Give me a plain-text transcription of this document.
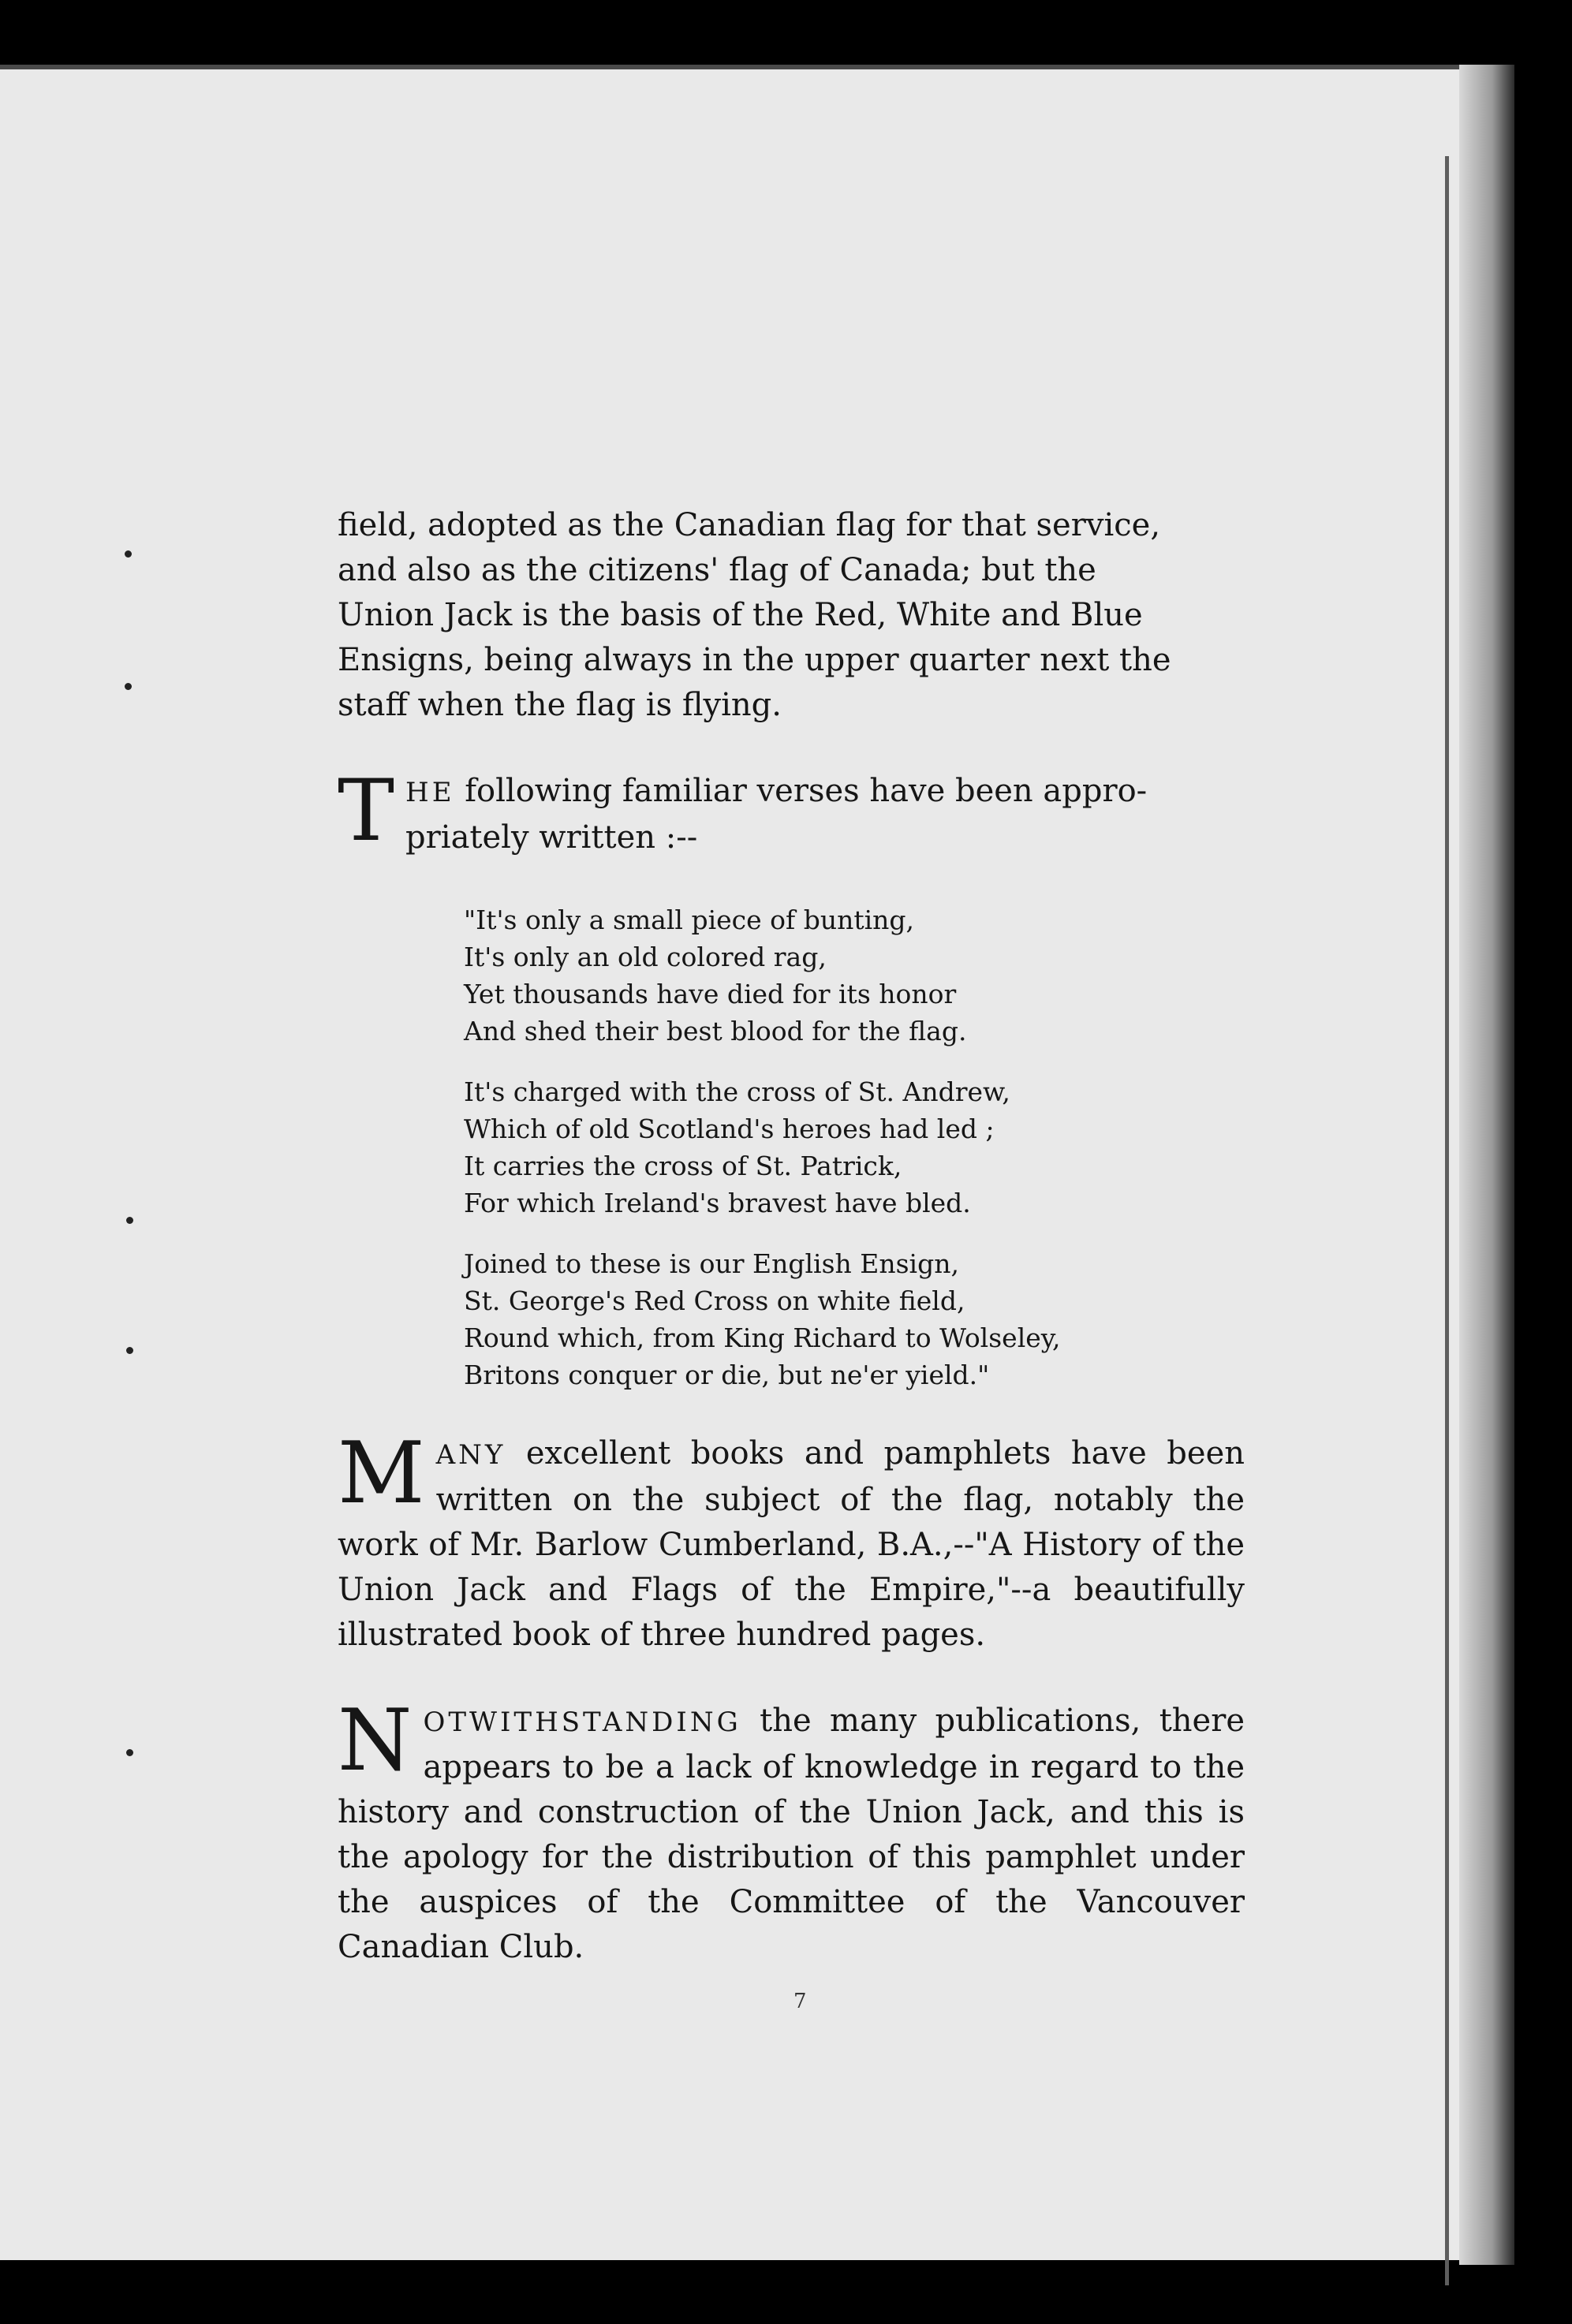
field, adopted as the Canadian flag for that service,
and also as the citizens' flag of Canada; but the
Union Jack is the basis of the Red, White and Blue
Ensigns, being always in the upper quarter next the
staff when the flag is flying.
T HE following familiar verses have been appro-
priately written :--
"It's only a small piece of bunting,
It's only an old colored rag,
Yet thousands have died for its honor
And shed their best blood for the flag.
It's charged with the cross of St. Andrew,
Which of old Scotland's heroes had led ;
It carries the cross of St. Patrick,
For which Ireland's bravest have bled.
Joined to these is our English Ensign,
St. George's Red Cross on white field,
Round which, from King Richard to Wolseley,
Britons conquer or die, but ne'er yield."
MANY excellent books and pamphlets have been written on the subject of the flag, notably the work of Mr. Barlow Cumberland, B.A.,--"A History of the Union Jack and Flags of the Empire,"--a beautifully illustrated book of three hundred pages.
NOTWITHSTANDING the many publications, there appears to be a lack of knowledge in regard to the history and construction of the Union Jack, and this is the apology for the distribution of this pamphlet under the auspices of the Committee of the Vancouver Canadian Club.
7
